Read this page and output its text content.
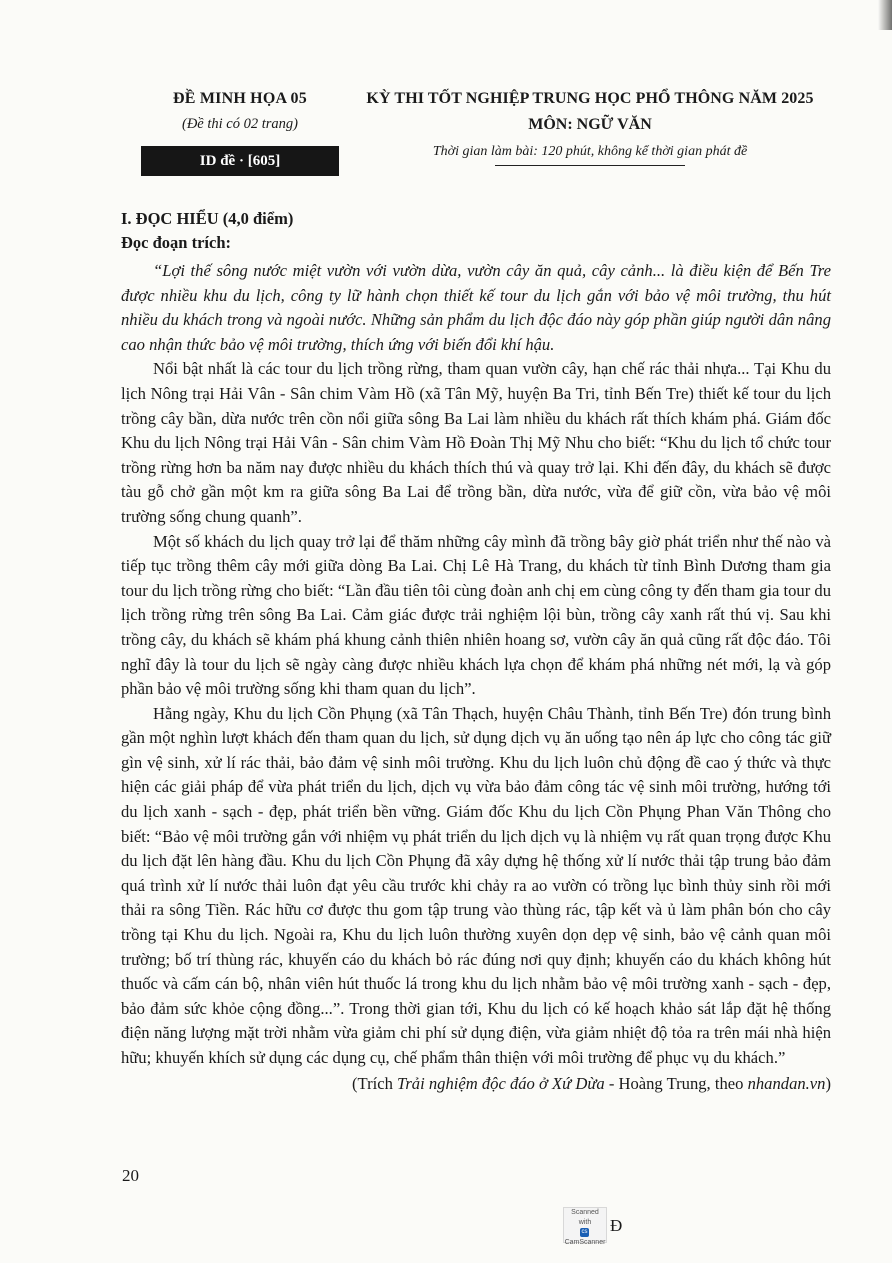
ĐỀ MINH HỌA 05
(Đề thi có 02 trang)
ID đề · [605]
KỲ THI TỐT NGHIỆP TRUNG HỌC PHỔ THÔNG NĂM 2025
MÔN: NGỮ VĂN
Thời gian làm bài: 120 phút, không kể thời gian phát đề

I. ĐỌC HIỂU (4,0 điểm)

Đọc đoạn trích:

“Lợi thế sông nước miệt vườn với vườn dừa, vườn cây ăn quả, cây cảnh... là điều kiện để Bến Tre được nhiều khu du lịch, công ty lữ hành chọn thiết kế tour du lịch gắn với bảo vệ môi trường, thu hút nhiều du khách trong và ngoài nước. Những sản phẩm du lịch độc đáo này góp phần giúp người dân nâng cao nhận thức bảo vệ môi trường, thích ứng với biến đổi khí hậu.

Nổi bật nhất là các tour du lịch trồng rừng, tham quan vườn cây, hạn chế rác thải nhựa... Tại Khu du lịch Nông trại Hải Vân - Sân chim Vàm Hồ (xã Tân Mỹ, huyện Ba Tri, tỉnh Bến Tre) thiết kế tour du lịch trồng cây bần, dừa nước trên cồn nổi giữa sông Ba Lai làm nhiều du khách rất thích khám phá. Giám đốc Khu du lịch Nông trại Hải Vân - Sân chim Vàm Hồ Đoàn Thị Mỹ Nhu cho biết: “Khu du lịch tổ chức tour trồng rừng hơn ba năm nay được nhiều du khách thích thú và quay trở lại. Khi đến đây, du khách sẽ được tàu gỗ chở gần một km ra giữa sông Ba Lai để trồng bần, dừa nước, vừa để giữ cồn, vừa bảo vệ môi trường sống chung quanh”.

Một số khách du lịch quay trở lại để thăm những cây mình đã trồng bây giờ phát triển như thế nào và tiếp tục trồng thêm cây mới giữa dòng Ba Lai. Chị Lê Hà Trang, du khách từ tỉnh Bình Dương tham gia tour du lịch trồng rừng cho biết: “Lần đầu tiên tôi cùng đoàn anh chị em cùng công ty đến tham gia tour du lịch trồng rừng trên sông Ba Lai. Cảm giác được trải nghiệm lội bùn, trồng cây xanh rất thú vị. Sau khi trồng cây, du khách sẽ khám phá khung cảnh thiên nhiên hoang sơ, vườn cây ăn quả cũng rất độc đáo. Tôi nghĩ đây là tour du lịch sẽ ngày càng được nhiều khách lựa chọn để khám phá những nét mới, lạ và góp phần bảo vệ môi trường sống khi tham quan du lịch”.

Hằng ngày, Khu du lịch Cồn Phụng (xã Tân Thạch, huyện Châu Thành, tỉnh Bến Tre) đón trung bình gần một nghìn lượt khách đến tham quan du lịch, sử dụng dịch vụ ăn uống tạo nên áp lực cho công tác giữ gìn vệ sinh, xử lí rác thải, bảo đảm vệ sinh môi trường. Khu du lịch luôn chủ động đề cao ý thức và thực hiện các giải pháp để vừa phát triển du lịch, dịch vụ vừa bảo đảm công tác vệ sinh môi trường, hướng tới du lịch xanh - sạch - đẹp, phát triển bền vững. Giám đốc Khu du lịch Cồn Phụng Phan Văn Thông cho biết: “Bảo vệ môi trường gắn với nhiệm vụ phát triển du lịch dịch vụ là nhiệm vụ rất quan trọng được Khu du lịch đặt lên hàng đầu. Khu du lịch Cồn Phụng đã xây dựng hệ thống xử lí nước thải tập trung bảo đảm quá trình xử lí nước thải luôn đạt yêu cầu trước khi chảy ra ao vườn có trồng lục bình thủy sinh rồi mới thải ra sông Tiền. Rác hữu cơ được thu gom tập trung vào thùng rác, tập kết và ủ làm phân bón cho cây trồng tại Khu du lịch. Ngoài ra, Khu du lịch luôn thường xuyên dọn dẹp vệ sinh, bảo vệ cảnh quan môi trường; bố trí thùng rác, khuyến cáo du khách bỏ rác đúng nơi quy định; khuyến cáo du khách không hút thuốc và cấm cán bộ, nhân viên hút thuốc lá trong khu du lịch nhằm bảo vệ môi trường xanh - sạch - đẹp, bảo đảm sức khỏe cộng đồng...”. Trong thời gian tới, Khu du lịch có kế hoạch khảo sát lắp đặt hệ thống điện năng lượng mặt trời nhằm vừa giảm chi phí sử dụng điện, vừa giảm nhiệt độ tỏa ra trên mái nhà hiện hữu; khuyến khích sử dụng các dụng cụ, chế phẩm thân thiện với môi trường để phục vụ du khách.”

(Trích Trải nghiệm độc đáo ở Xứ Dừa - Hoàng Trung, theo nhandan.vn)

20
Scanned with
csCamScanner
Đ
